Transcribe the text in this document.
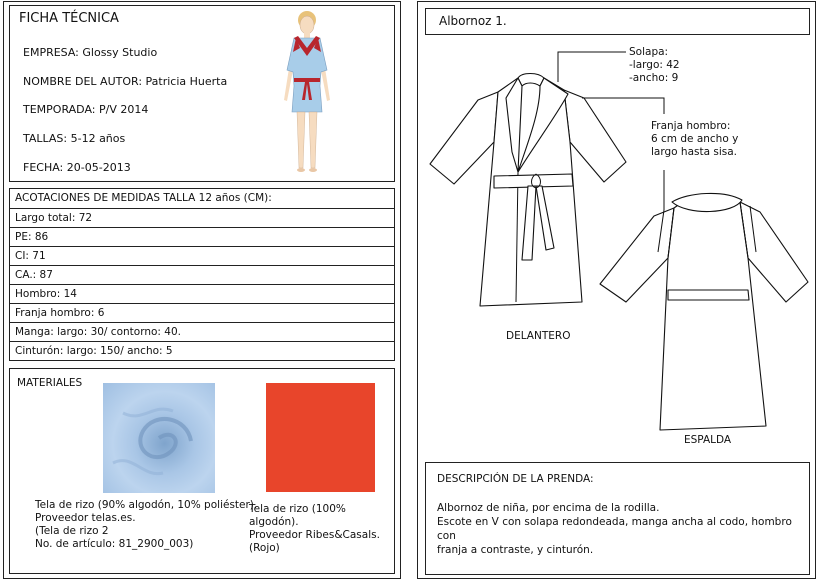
FICHA TÉCNICA
EMPRESA: Glossy Studio
NOMBRE DEL AUTOR: Patricia Huerta
TEMPORADA: P/V 2014
TALLAS: 5-12 años
FECHA: 20-05-2013
ACOTACIONES DE MEDIDAS TALLA 12 años (CM):
Largo total: 72
PE: 86
CI: 71
CA.: 87
Hombro: 14
Franja hombro: 6
Manga: largo: 30/ contorno: 40.
Cinturón: largo: 150/ ancho: 5
MATERIALES
Tela de rizo (90% algodón, 10% poliéster).
Proveedor telas.es.
(Tela de rizo 2
No. de artículo: 81_2900_003)
Tela de rizo (100% algodón).
Proveedor Ribes&Casals.
(Rojo)
Albornoz 1.
Solapa:
-largo: 42
-ancho: 9
Franja hombro:
6 cm de ancho y
largo hasta sisa.
DELANTERO
ESPALDA
DESCRIPCIÓN DE LA PRENDA:
Albornoz de niña, por encima de la rodilla.
Escote en V con solapa redondeada, manga ancha al codo, hombro con
franja a contraste, y cinturón.
